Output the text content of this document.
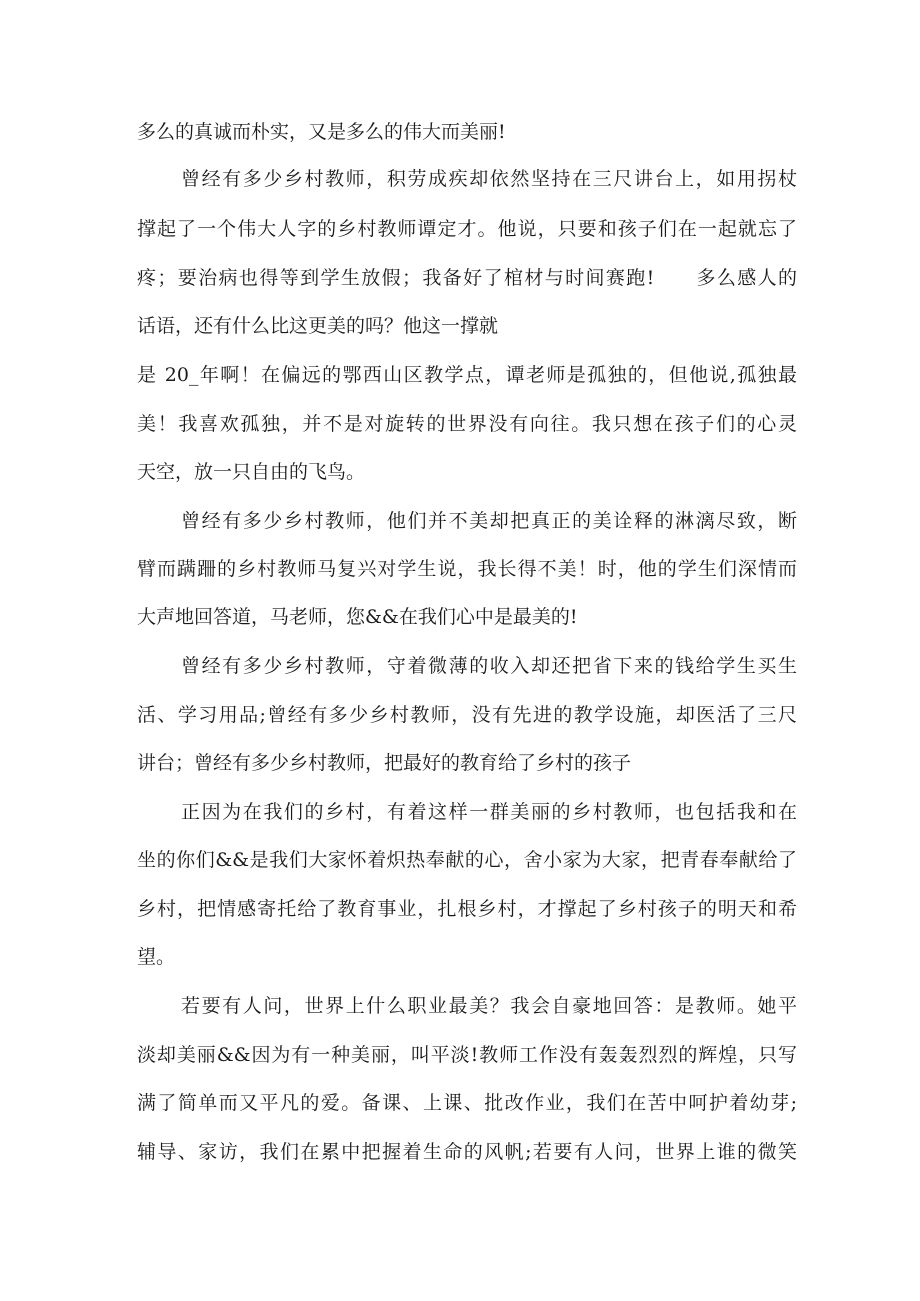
多么的真诚而朴实，又是多么的伟大而美丽!

曾经有多少乡村教师，积劳成疾却依然坚持在三尺讲台上，如用拐杖

撑起了一个伟大人字的乡村教师谭定才。他说，只要和孩子们在一起就忘了

疼；要治病也得等到学生放假；我备好了棺材与时间赛跑!　　多么感人的

话语，还有什么比这更美的吗？他这一撑就

是 20_年啊！在偏远的鄂西山区教学点，谭老师是孤独的，但他说,孤独最

美！我喜欢孤独，并不是对旋转的世界没有向往。我只想在孩子们的心灵

天空，放一只自由的飞鸟。

曾经有多少乡村教师，他们并不美却把真正的美诠释的淋漓尽致，断

臂而蹒跚的乡村教师马复兴对学生说，我长得不美！时，他的学生们深情而

大声地回答道，马老师，您&&在我们心中是最美的!

曾经有多少乡村教师，守着微薄的收入却还把省下来的钱给学生买生

活、学习用品;曾经有多少乡村教师，没有先进的教学设施，却医活了三尺

讲台；曾经有多少乡村教师，把最好的教育给了乡村的孩子

正因为在我们的乡村，有着这样一群美丽的乡村教师，也包括我和在

坐的你们&&是我们大家怀着炽热奉献的心，舍小家为大家，把青春奉献给了

乡村，把情感寄托给了教育事业，扎根乡村，才撑起了乡村孩子的明天和希

望。

若要有人问，世界上什么职业最美？我会自豪地回答：是教师。她平

淡却美丽&&因为有一种美丽，叫平淡!教师工作没有轰轰烈烈的辉煌，只写

满了简单而又平凡的爱。备课、上课、批改作业，我们在苦中呵护着幼芽;

辅导、家访，我们在累中把握着生命的风帆;若要有人问，世界上谁的微笑
